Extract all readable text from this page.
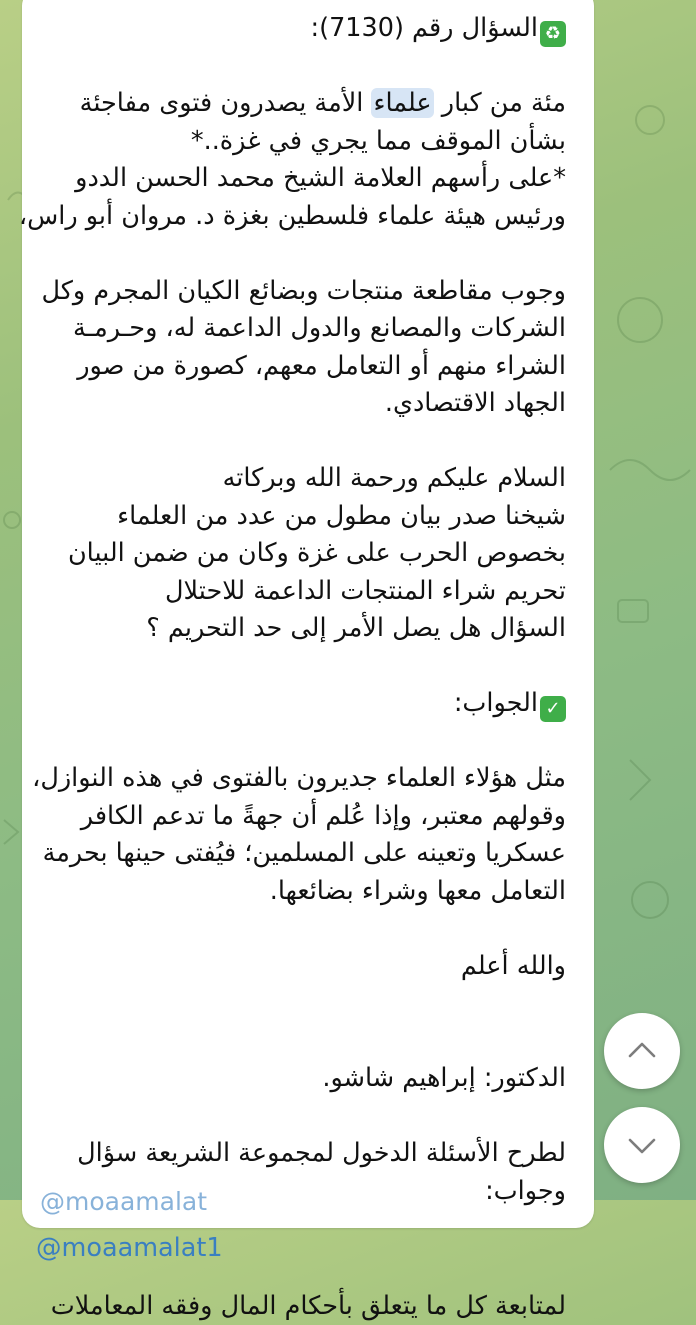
♻السؤال رقم (7130):
مئة من كبار علماء الأمة يصدرون فتوى مفاجئة
بشأن الموقف مما يجري في غزة..*
*على رأسهم العلامة الشيخ محمد الحسن الددو
ورئيس هيئة علماء فلسطين بغزة د. مروان أبو راس،
وجوب مقاطعة منتجات وبضائع الكيان المجرم وكل
الشركات والمصانع والدول الداعمة له، وحـرمـة
الشراء منهم أو التعامل معهم، كصورة من صور
الجهاد الاقتصادي.
السلام عليكم ورحمة الله وبركاته
شيخنا صدر بيان مطول من عدد من العلماء
بخصوص الحرب على غزة وكان من ضمن البيان
تحريم شراء المنتجات الداعمة للاحتلال
السؤال هل يصل الأمر إلى حد التحريم ؟
✓الجواب:
مثل هؤلاء العلماء جديرون بالفتوى في هذه النوازل،
وقولهم معتبر، وإذا عُلم أن جهةً ما تدعم الكافر
عسكريا وتعينه على المسلمين؛ فيُفتى حينها بحرمة
التعامل معها وشراء بضائعها.
والله أعلم
الدكتور: إبراهيم شاشو.
لطرح الأسئلة الدخول لمجموعة الشريعة سؤال
وجواب:
@moaamalat1
لمتابعة كل ما يتعلق بأحكام المال وفقه المعاملات
@moaamalat
